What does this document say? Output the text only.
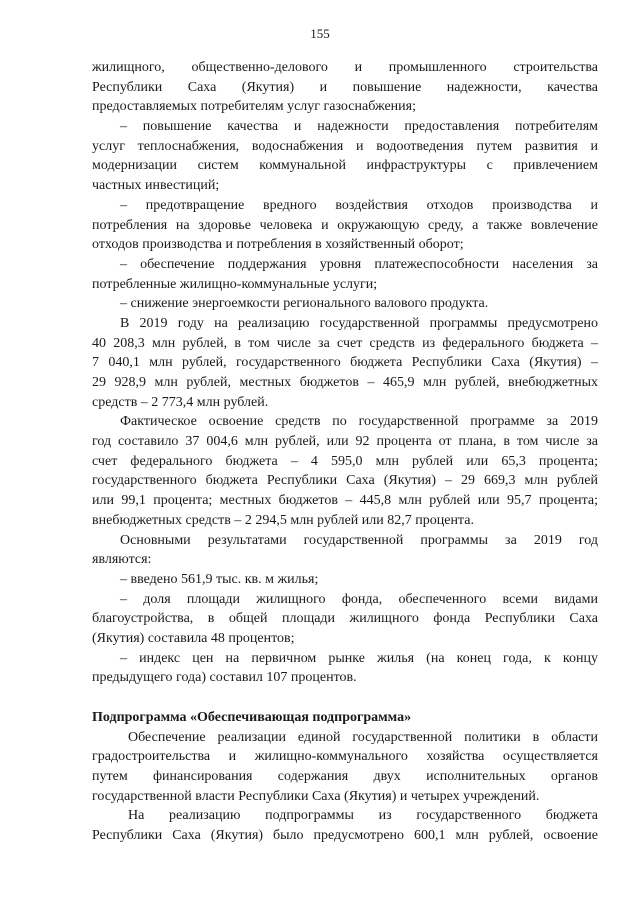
155
жилищного, общественно-делового и промышленного строительства
Республики Саха (Якутия) и повышение надежности, качества
предоставляемых потребителям услуг газоснабжения;
– повышение качества и надежности предоставления потребителям
услуг теплоснабжения, водоснабжения и водоотведения путем развития и
модернизации систем коммунальной инфраструктуры с привлечением
частных инвестиций;
– предотвращение вредного воздействия отходов производства и
потребления на здоровье человека и окружающую среду, а также вовлечение
отходов производства и потребления в хозяйственный оборот;
– обеспечение поддержания уровня платежеспособности населения за
потребленные жилищно-коммунальные услуги;
– снижение энергоемкости регионального валового продукта.
В 2019 году на реализацию государственной программы предусмотрено
40 208,3 млн рублей, в том числе за счет средств из федерального бюджета –
7 040,1 млн рублей, государственного бюджета Республики Саха (Якутия) –
29 928,9 млн рублей, местных бюджетов – 465,9 млн рублей, внебюджетных
средств – 2 773,4 млн рублей.
Фактическое освоение средств по государственной программе за 2019
год составило 37 004,6 млн рублей, или 92 процента от плана, в том числе за
счет федерального бюджета – 4 595,0 млн рублей или 65,3 процента;
государственного бюджета Республики Саха (Якутия) – 29 669,3 млн рублей
или 99,1 процента; местных бюджетов – 445,8 млн рублей или 95,7 процента;
внебюджетных средств – 2 294,5 млн рублей или 82,7 процента.
Основными результатами государственной программы за 2019 год
являются:
– введено 561,9 тыс. кв. м жилья;
– доля площади жилищного фонда, обеспеченного всеми видами
благоустройства, в общей площади жилищного фонда Республики Саха
(Якутия) составила 48 процентов;
– индекс цен на первичном рынке жилья (на конец года, к концу
предыдущего года) составил 107 процентов.
Подпрограмма «Обеспечивающая подпрограмма»
Обеспечение реализации единой государственной политики в области
градостроительства и жилищно-коммунального хозяйства осуществляется
путем финансирования содержания двух исполнительных органов
государственной власти Республики Саха (Якутия) и четырех учреждений.
На реализацию подпрограммы из государственного бюджета
Республики Саха (Якутия) было предусмотрено 600,1 млн рублей, освоение
